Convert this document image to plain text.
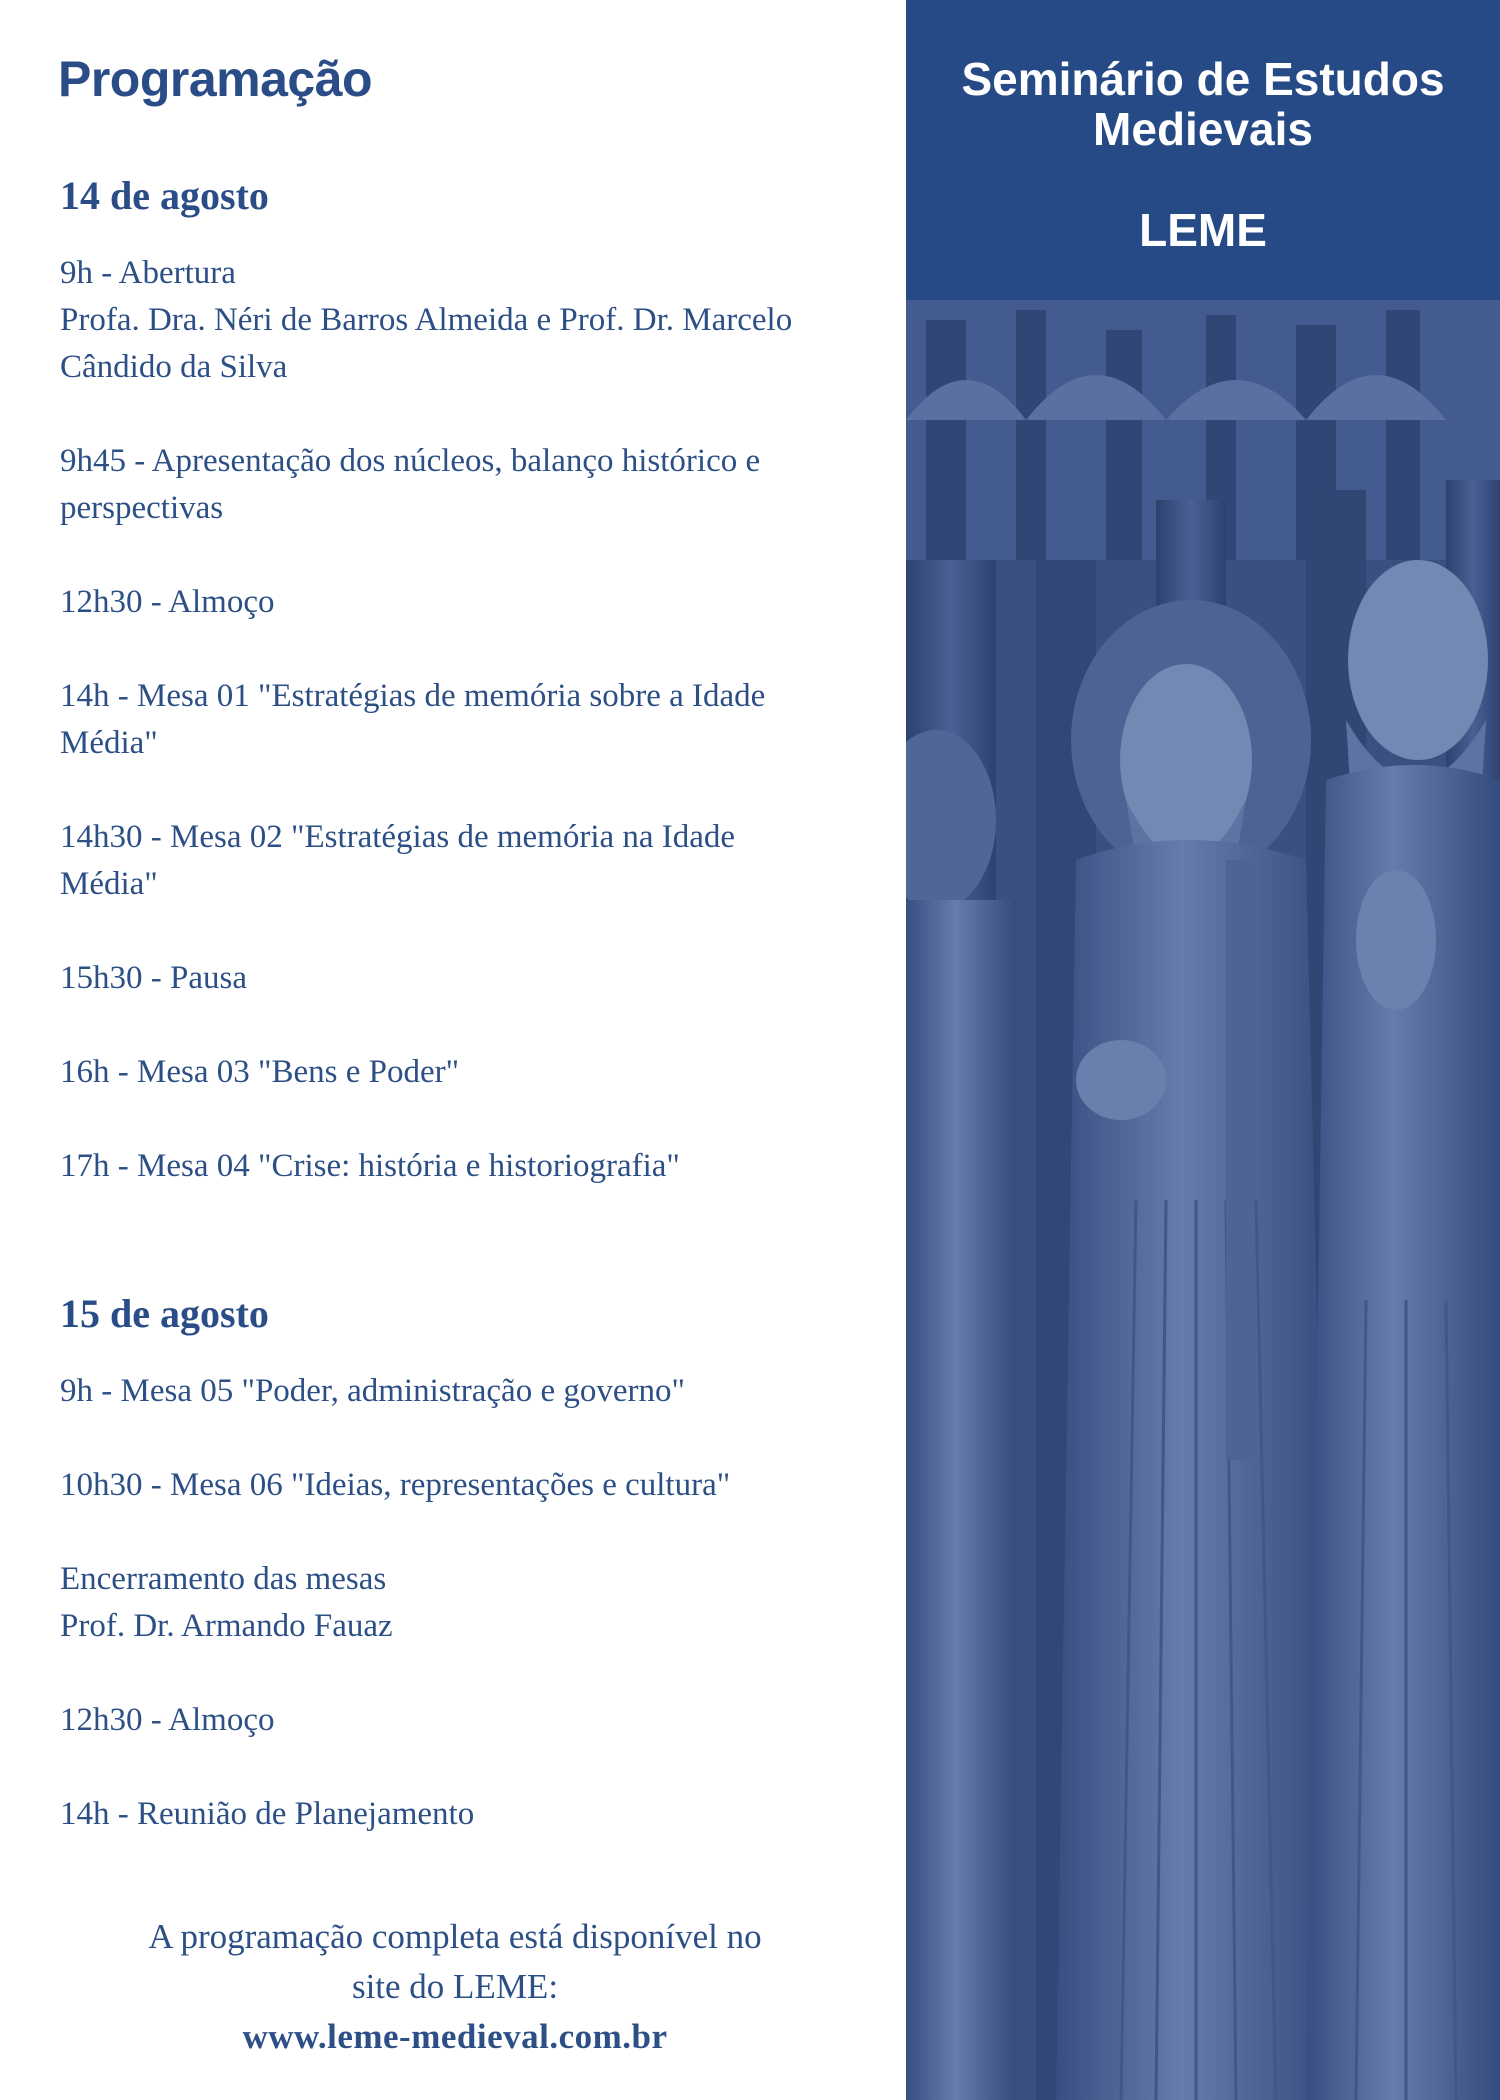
Programação
14 de agosto

9h - Abertura
Profa. Dra. Néri de Barros Almeida e Prof. Dr. Marcelo
Cândido da Silva

9h45 - Apresentação dos núcleos, balanço histórico e
perspectivas

12h30 - Almoço

14h - Mesa 01 "Estratégias de memória sobre a Idade
Média"

14h30 - Mesa 02 "Estratégias de memória na Idade
Média"

15h30 - Pausa

16h - Mesa 03 "Bens e Poder"

17h - Mesa 04 "Crise: história e historiografia"

15 de agosto

9h - Mesa 05 "Poder, administração e governo"

10h30 - Mesa 06 "Ideias, representações e cultura"

Encerramento das mesas
Prof. Dr. Armando Fauaz

12h30 - Almoço

14h - Reunião de Planejamento

A programação completa está disponível no
site do LEME:
www.leme-medieval.com.br
Seminário de Estudos
Medievais
LEME
